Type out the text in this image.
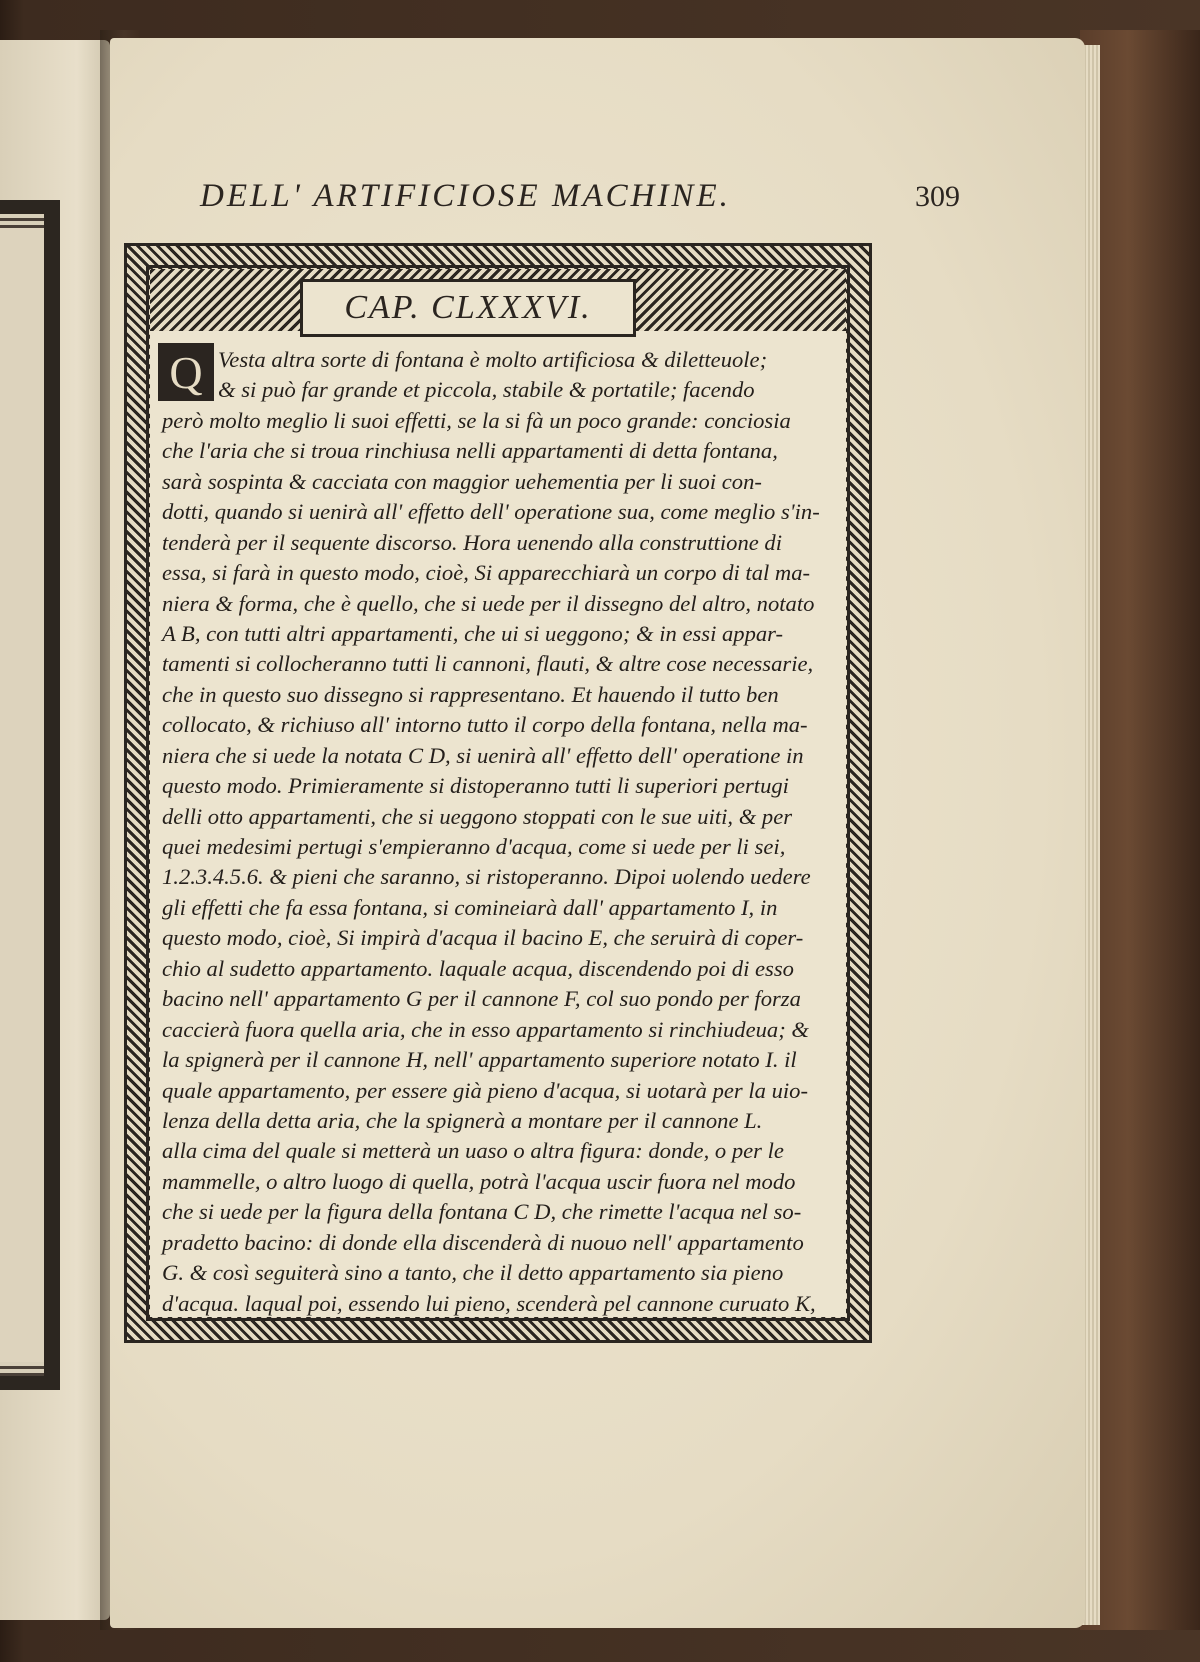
DELL' ARTIFICIOSE MACHINE.	309
CAP. CLXXXVI.
Q Vesta altra sorte di fontana è molto artificiosa & diletteuole;
& si può far grande et piccola, stabile & portatile; facendo
però molto meglio li suoi effetti, se la si fà un poco grande: conciosia
che l'aria che si troua rinchiusa nelli appartamenti di detta fontana,
sarà sospinta & cacciata con maggior uehementia per li suoi con-
dotti, quando si uenirà all' effetto dell' operatione sua, come meglio s'in-
tenderà per il sequente discorso. Hora uenendo alla construttione di
essa, si farà in questo modo, cioè, Si apparecchiarà un corpo di tal ma-
niera & forma, che è quello, che si uede per il dissegno del altro, notato
A B, con tutti altri appartamenti, che ui si ueggono; & in essi appar-
tamenti si collocheranno tutti li cannoni, flauti, & altre cose necessarie,
che in questo suo dissegno si rappresentano. Et hauendo il tutto ben
collocato, & richiuso all' intorno tutto il corpo della fontana, nella ma-
niera che si uede la notata C D, si uenirà all' effetto dell' operatione in
questo modo. Primieramente si distoperanno tutti li superiori pertugi
delli otto appartamenti, che si ueggono stoppati con le sue uiti, & per
quei medesimi pertugi s'empieranno d'acqua, come si uede per li sei,
1.2.3.4.5.6. & pieni che saranno, si ristoperanno. Dipoi uolendo uedere
gli effetti che fa essa fontana, si comineiarà dall' appartamento I, in
questo modo, cioè, Si impirà d'acqua il bacino E, che seruirà di coper-
chio al sudetto appartamento. laquale acqua, discendendo poi di esso
bacino nell' appartamento G per il cannone F, col suo pondo per forza
caccierà fuora quella aria, che in esso appartamento si rinchiudeua; &
la spignerà per il cannone H, nell' appartamento superiore notato I. il
quale appartamento, per essere già pieno d'acqua, si uotarà per la uio-
lenza della detta aria, che la spignerà a montare per il cannone L.
alla cima del quale si metterà un uaso o altra figura: donde, o per le
mammelle, o altro luogo di quella, potrà l'acqua uscir fuora nel modo
che si uede per la figura della fontana C D, che rimette l'acqua nel so-
pradetto bacino: di donde ella discenderà di nuouo nell' appartamento
G. & così seguiterà sino a tanto, che il detto appartamento sia pieno
d'acqua. laqual poi, essendo lui pieno, scenderà pel cannone curuato K,
